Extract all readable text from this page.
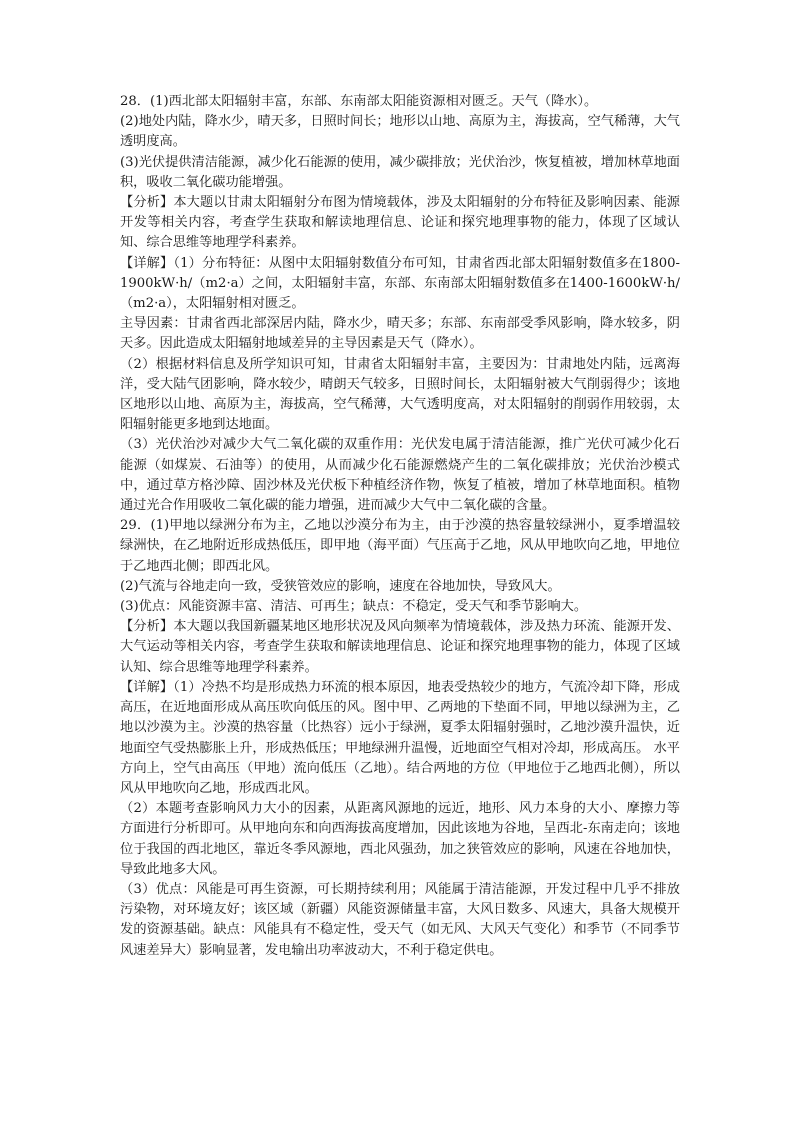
28．(1)西北部太阳辐射丰富，东部、东南部太阳能资源相对匮乏。天气（降水）。

(2)地处内陆，降水少，晴天多，日照时间长；地形以山地、高原为主，海拔高，空气稀薄，大气透明度高。

(3)光伏提供清洁能源，减少化石能源的使用，减少碳排放；光伏治沙，恢复植被，增加林草地面积，吸收二氧化碳功能增强。

【分析】本大题以甘肃太阳辐射分布图为情境载体，涉及太阳辐射的分布特征及影响因素、能源开发等相关内容，考查学生获取和解读地理信息、论证和探究地理事物的能力，体现了区域认知、综合思维等地理学科素养。

【详解】（1）分布特征：从图中太阳辐射数值分布可知，甘肃省西北部太阳辐射数值多在1800-1900kW·h/（m2·a）之间，太阳辐射丰富，东部、东南部太阳辐射数值多在1400-1600kW·h/（m2·a），太阳辐射相对匮乏。

主导因素：甘肃省西北部深居内陆，降水少，晴天多；东部、东南部受季风影响，降水较多，阴天多。因此造成太阳辐射地域差异的主导因素是天气（降水）。

（2）根据材料信息及所学知识可知，甘肃省太阳辐射丰富，主要因为：甘肃地处内陆，远离海洋，受大陆气团影响，降水较少，晴朗天气较多，日照时间长，太阳辐射被大气削弱得少；该地区地形以山地、高原为主，海拔高，空气稀薄，大气透明度高，对太阳辐射的削弱作用较弱，太阳辐射能更多地到达地面。

（3）光伏治沙对减少大气二氧化碳的双重作用：光伏发电属于清洁能源，推广光伏可减少化石能源（如煤炭、石油等）的使用，从而减少化石能源燃烧产生的二氧化碳排放；光伏治沙模式中，通过草方格沙障、固沙林及光伏板下种植经济作物，恢复了植被，增加了林草地面积。植物通过光合作用吸收二氧化碳的能力增强，进而减少大气中二氧化碳的含量。

29．(1)甲地以绿洲分布为主，乙地以沙漠分布为主，由于沙漠的热容量较绿洲小，夏季增温较绿洲快，在乙地附近形成热低压，即甲地（海平面）气压高于乙地，风从甲地吹向乙地，甲地位于乙地西北侧；即西北风。

(2)气流与谷地走向一致，受狭管效应的影响，速度在谷地加快，导致风大。

(3)优点：风能资源丰富、清洁、可再生；缺点：不稳定，受天气和季节影响大。

【分析】本大题以我国新疆某地区地形状况及风向频率为情境载体，涉及热力环流、能源开发、大气运动等相关内容，考查学生获取和解读地理信息、论证和探究地理事物的能力，体现了区域认知、综合思维等地理学科素养。

【详解】（1）冷热不均是形成热力环流的根本原因，地表受热较少的地方，气流冷却下降，形成高压，在近地面形成从高压吹向低压的风。图中甲、乙两地的下垫面不同，甲地以绿洲为主，乙地以沙漠为主。沙漠的热容量（比热容）远小于绿洲，夏季太阳辐射强时，乙地沙漠升温快，近地面空气受热膨胀上升，形成热低压；甲地绿洲升温慢，近地面空气相对冷却，形成高压。 水平方向上，空气由高压（甲地）流向低压（乙地）。结合两地的方位（甲地位于乙地西北侧），所以风从甲地吹向乙地，形成西北风。

（2）本题考查影响风力大小的因素，从距离风源地的远近，地形、风力本身的大小、摩擦力等方面进行分析即可。从甲地向东和向西海拔高度增加，因此该地为谷地，呈西北-东南走向；该地位于我国的西北地区，靠近冬季风源地，西北风强劲，加之狭管效应的影响，风速在谷地加快，导致此地多大风。

（3）优点：风能是可再生资源，可长期持续利用；风能属于清洁能源，开发过程中几乎不排放污染物，对环境友好；该区域（新疆）风能资源储量丰富，大风日数多、风速大，具备大规模开发的资源基础。缺点：风能具有不稳定性，受天气（如无风、大风天气变化）和季节（不同季节风速差异大）影响显著，发电输出功率波动大，不利于稳定供电。
